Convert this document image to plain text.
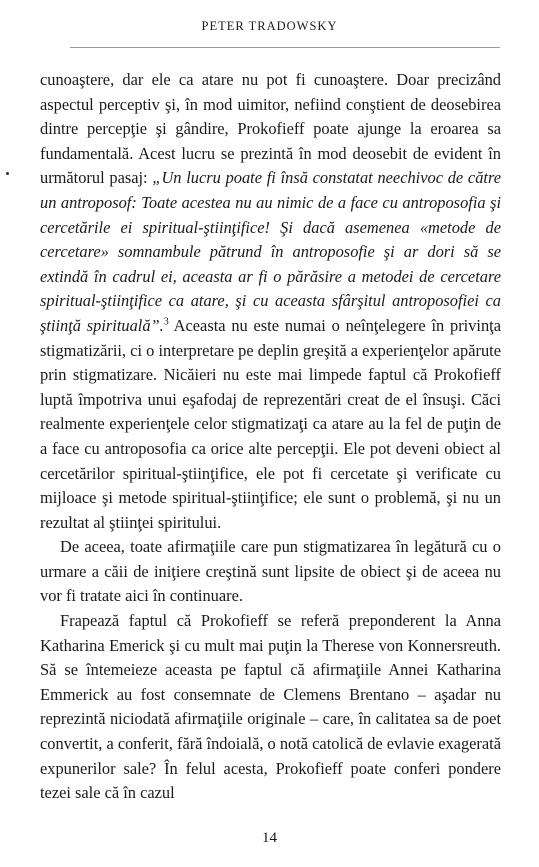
PETER TRADOWSKY

cunoaştere, dar ele ca atare nu pot fi cunoaştere. Doar precizând aspectul perceptiv şi, în mod uimitor, nefiind conştient de deosebirea dintre percepţie şi gândire, Prokofieff poate ajunge la eroarea sa fundamentală. Acest lucru se prezintă în mod deosebit de evident în următorul pasaj: „Un lucru poate fi însă constatat neechivoc de către un antroposof: Toate acestea nu au nimic de a face cu antroposofia şi cercetările ei spiritual-ştiinţifice! Şi dacă asemenea «metode de cercetare» somnambule pătrund în antroposofie şi ar dori să se extindă în cadrul ei, aceasta ar fi o părăsire a metodei de cercetare spiritual-ştiinţifice ca atare, şi cu aceasta sfârşitul antroposofiei ca ştiinţă spirituală”.$^3$ Aceasta nu este numai o neînţelegere în privinţa stigmatizării, ci o interpretare pe deplin greşită a experienţelor apărute prin stigmatizare. Nicăieri nu este mai limpede faptul că Prokofieff luptă împotriva unui eşafodaj de reprezentări creat de el însuşi. Căci realmente experienţele celor stigmatizaţi ca atare au la fel de puţin de a face cu antroposofia ca orice alte percepţii. Ele pot deveni obiect al cercetărilor spiritual-ştiinţifice, ele pot fi cercetate şi verificate cu mijloace şi metode spiritual-ştiinţifice; ele sunt o problemă, şi nu un rezultat al ştiinţei spiritului.

De aceea, toate afirmaţiile care pun stigmatizarea în legătură cu o urmare a căii de iniţiere creştină sunt lipsite de obiect şi de aceea nu vor fi tratate aici în continuare.

Frapează faptul că Prokofieff se referă preponderent la Anna Katharina Emerick şi cu mult mai puţin la Therese von Konnersreuth. Să se întemeieze aceasta pe faptul că afirmaţiile Annei Katharina Emmerick au fost consemnate de Clemens Brentano – aşadar nu reprezintă niciodată afirmaţiile originale – care, în calitatea sa de poet convertit, a conferit, fără îndoială, o notă catolică de evlavie exagerată expunerilor sale? În felul acesta, Prokofieff poate conferi pondere tezei sale că în cazul

14
